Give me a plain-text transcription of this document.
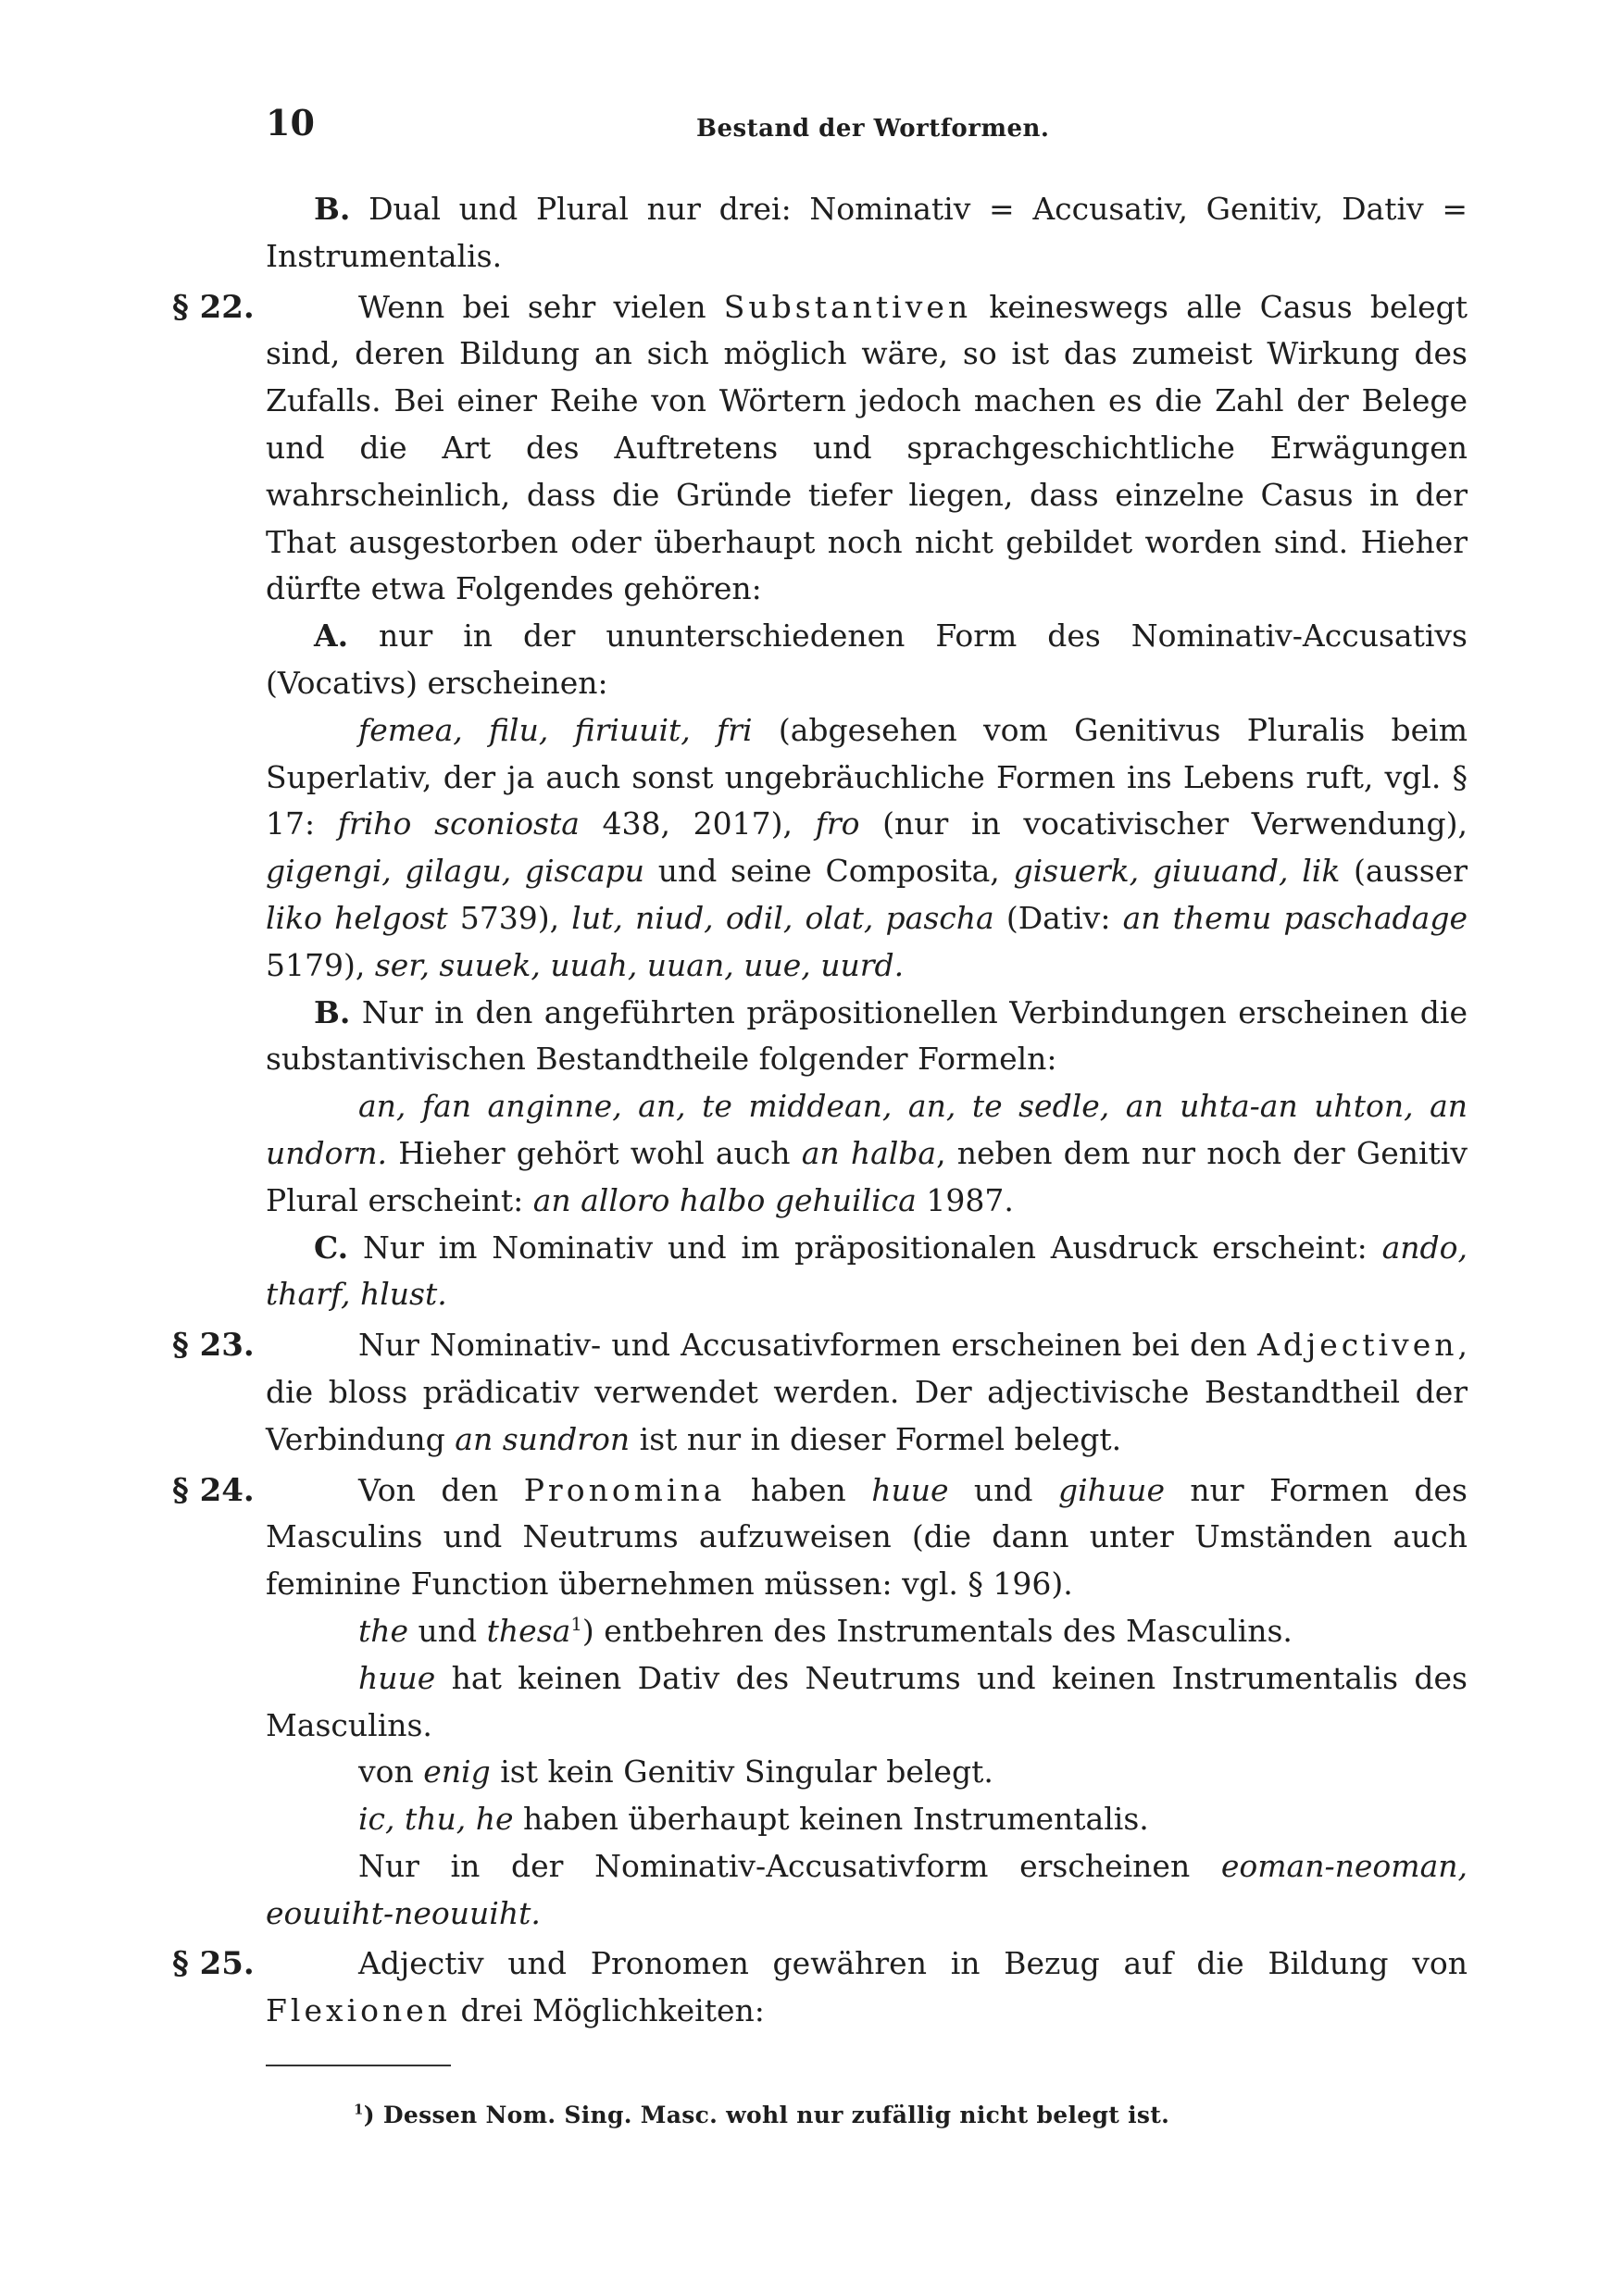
10	Bestand der Wortformen.

B. Dual und Plural nur drei: Nominativ = Accusativ, Genitiv, Dativ = Instrumentalis.

§ 22.	Wenn bei sehr vielen Substantiven keineswegs alle Casus belegt sind, deren Bildung an sich möglich wäre, so ist das zumeist Wirkung des Zufalls. Bei einer Reihe von Wörtern jedoch machen es die Zahl der Belege und die Art des Auftretens und sprachgeschichtliche Erwägungen wahrscheinlich, dass die Gründe tiefer liegen, dass einzelne Casus in der That ausgestorben oder überhaupt noch nicht gebildet worden sind. Hieher dürfte etwa Folgendes gehören:

A. nur in der ununterschiedenen Form des Nominativ-Accusativs (Vocativs) erscheinen:

femea, filu, firiuuit, fri (abgesehen vom Genitivus Pluralis beim Superlativ, der ja auch sonst ungebräuchliche Formen ins Lebens ruft, vgl. § 17: friho sconiosta 438, 2017), fro (nur in vocativischer Verwendung), gigengi, gilagu, giscapu und seine Composita, gisuerk, giuuand, lik (ausser liko helgost 5739), lut, niud, odil, olat, pascha (Dativ: an themu paschadage 5179), ser, suuek, uuah, uuan, uue, uurd.

B. Nur in den angeführten präpositionellen Verbindungen erscheinen die substantivischen Bestandtheile folgender Formeln:

an, fan anginne, an, te middean, an, te sedle, an uhta-an uhton, an undorn. Hieher gehört wohl auch an halba, neben dem nur noch der Genitiv Plural erscheint: an alloro halbo gehuilica 1987.

C. Nur im Nominativ und im präpositionalen Ausdruck erscheint: ando, tharf, hlust.

§ 23.	Nur Nominativ- und Accusativformen erscheinen bei den Adjectiven, die bloss prädicativ verwendet werden. Der adjectivische Bestandtheil der Verbindung an sundron ist nur in dieser Formel belegt.

§ 24.	Von den Pronomina haben huue und gihuue nur Formen des Masculins und Neutrums aufzuweisen (die dann unter Umständen auch feminine Function übernehmen müssen: vgl. § 196).

the und thesa$^1$) entbehren des Instrumentals des Masculins.

huue hat keinen Dativ des Neutrums und keinen Instrumentalis des Masculins.

von enig ist kein Genitiv Singular belegt.

ic, thu, he haben überhaupt keinen Instrumentalis.

Nur in der Nominativ-Accusativform erscheinen eoman-neoman, eouuiht-neouuiht.

§ 25.	Adjectiv und Pronomen gewähren in Bezug auf die Bildung von Flexionen drei Möglichkeiten:

$^1$) Dessen Nom. Sing. Masc. wohl nur zufällig nicht belegt ist.
